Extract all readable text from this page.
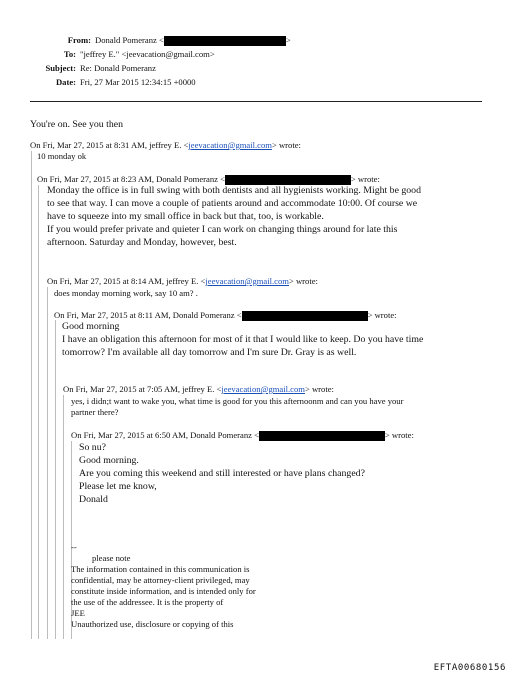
From: Donald Pomeranz <	>
To: "jeffrey E." <jeevacation@gmail.com>
Subject: Re: Donald Pomeranz
Date: Fri, 27 Mar 2015 12:34:15 +0000
You're on. See you then
On Fri, Mar 27, 2015 at 8:31 AM, jeffrey E. <jeevacation@gmail.com> wrote:
10 monday ok
On Fri, Mar 27, 2015 at 8:23 AM, Donald Pomeranz <	> wrote:
Monday the office is in full swing with both dentists and all hygienists working. Might be good
to see that way. I can move a couple of patients around and accommodate 10:00. Of course we
have to squeeze into my small office in back but that, too, is workable.
If you would prefer private and quieter I can work on changing things around for late this
afternoon. Saturday and Monday, however, best.
On Fri, Mar 27, 2015 at 8:14 AM, jeffrey E. <jeevacation@gmail.com> wrote:
does monday morning work, say 10 am? .
On Fri, Mar 27, 2015 at 8:11 AM, Donald Pomeranz <	> wrote:
Good morning
I have an obligation this afternoon for most of it that I would like to keep. Do you have time
tomorrow? I'm available all day tomorrow and I'm sure Dr. Gray is as well.
On Fri, Mar 27, 2015 at 7:05 AM, jeffrey E. <jeevacation@gmail.com> wrote:
yes, i didn;t want to wake you, what time is good for you this afternoonm and can you have your
partner there?
On Fri, Mar 27, 2015 at 6:50 AM, Donald Pomeranz <	> wrote:
So nu?
Good morning.
Are you coming this weekend and still interested or have plans changed?
Please let me know,
Donald
--
please note
The information contained in this communication is
confidential, may be attorney-client privileged, may
constitute inside information, and is intended only for
the use of the addressee. It is the property of
JEE
Unauthorized use, disclosure or copying of this
EFTA00680156
